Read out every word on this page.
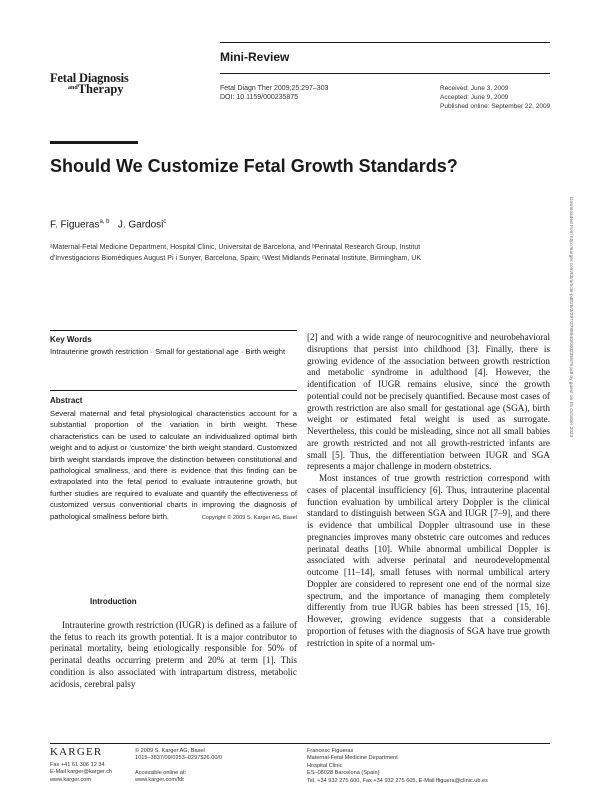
Mini-Review
Fetal Diagnosis
$^{and}$Therapy	Fetal Diagn Ther 2009;25:297–303
DOI: 10.1159/000235875
Received: June 3, 2009
Accepted: June 9, 2009
Published online: September 22, 2009
Should We Customize Fetal Growth Standards?
F. Figueras$^{a, b}$ J. Gardosi$^c$
ᵃMaternal-Fetal Medicine Department, Hospital Clinic, Universitat de Barcelona, and ᵇPerinatal Research Group, Institut d'Investigacions Biomèdiques August Pi i Sunyer, Barcelona, Spain; ᶜWest Midlands Perinatal Institute, Birmingham, UK	Downloaded from http://karger.com/fdt/article-pdf/25/3/297/2788940/000235875.pdf by guest on 15 October 2023
Key Words
Intrauterine growth restriction · Small for gestational age · Birth weight
Abstract
Several maternal and fetal physiological characteristics account for a substantial proportion of the variation in birth weight. These characteristics can be used to calculate an individualized optimal birth weight and to adjust or ‘customize’ the birth weight standard. Customized birth weight standards improve the distinction between constitutional and pathological smallness, and there is evidence that this finding can be extrapolated into the fetal period to evaluate intrauterine growth, but further studies are required to evaluate and quantify the effectiveness of customized versus conventional charts in improving the diagnosis of pathological smallness before birth.	Copyright © 2009 S. Karger AG, Basel
Introduction
Intrauterine growth restriction (IUGR) is defined as a failure of the fetus to reach its growth potential. It is a major contributor to perinatal mortality, being etiologically responsible for 50% of perinatal deaths occurring preterm and 20% at term [1]. This condition is also associated with intrapartum distress, metabolic acidosis, cerebral palsy

[2] and with a wide range of neurocognitive and neurobehavioral disruptions that persist into childhood [3]. Finally, there is growing evidence of the association between growth restriction and metabolic syndrome in adulthood [4]. However, the identification of IUGR remains elusive, since the growth potential could not be precisely quantified. Because most cases of growth restriction are also small for gestational age (SGA), birth weight or estimated fetal weight is used as surrogate. Nevertheless, this could be misleading, since not all small babies are growth restricted and not all growth-restricted infants are small [5]. Thus, the differentiation between IUGR and SGA represents a major challenge in modern obstetrics.

Most instances of true growth restriction correspond with cases of placental insufficiency [6]. Thus, intrauterine placental function evaluation by umbilical artery Doppler is the clinical standard to distinguish between SGA and IUGR [7–9], and there is evidence that umbilical Doppler ultrasound use in these pregnancies improves many obstetric care outcomes and reduces perinatal deaths [10]. While abnormal umbilical Doppler is associated with adverse perinatal and neurodevelopmental outcome [11–14], small fetuses with normal umbilical artery Doppler are considered to represent one end of the normal size spectrum, and the importance of managing them completely differently from true IUGR babies has been stressed [15, 16]. However, growing evidence suggests that a considerable proportion of fetuses with the diagnosis of SGA have true growth restriction in spite of a normal um-

KARGER
Fax +41 61 306 12 34
E-Mail karger@karger.ch
www.karger.com
© 2009 S. Karger AG, Basel
1015–3837/09/0253–0297$26.00/0
Accessible online at:
www.karger.com/fdt
Francesc Figueras
Maternal-Fetal Medicine Department
Hospital Clinic
ES–08028 Barcelona (Spain)
Tel. +34 932 275 600, Fax +34 932 275 605, E-Mail ffiguera@clinic.ub.es
